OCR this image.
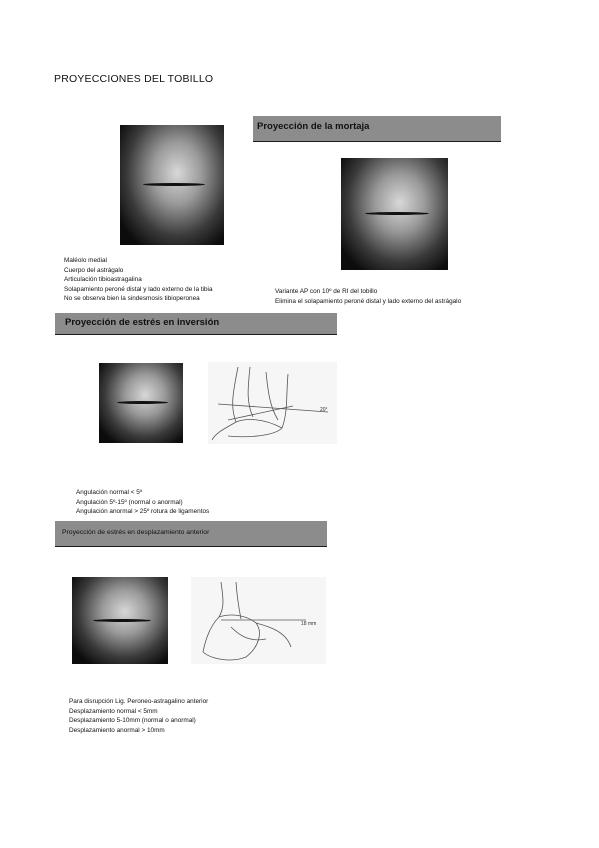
PROYECCIONES DEL TOBILLO
Maléolo medial
Cuerpo del astrágalo
Articulación tibioastragalina
Solapamiento peroné distal y lado externo de la tibia
No se observa bien la sindesmosis tibioperonea
Proyección de la mortaja
Variante AP con 10º de RI del tobillo
Elimina el solapamiento peroné distal y lado externo del astrágalo
Proyección de estrés en inversión
20°
Angulación normal < 5º
Angulación 5º-15º (normal o anormal)
Angulación anormal > 25º rotura de ligamentos
Proyección de estrés en desplazamiento anterior
18 mm
Para disrupción Lig. Peroneo-astragalino anterior
Desplazamiento normal < 5mm
Desplazamiento 5-10mm (normal o anormal)
Desplazamiento anormal > 10mm
